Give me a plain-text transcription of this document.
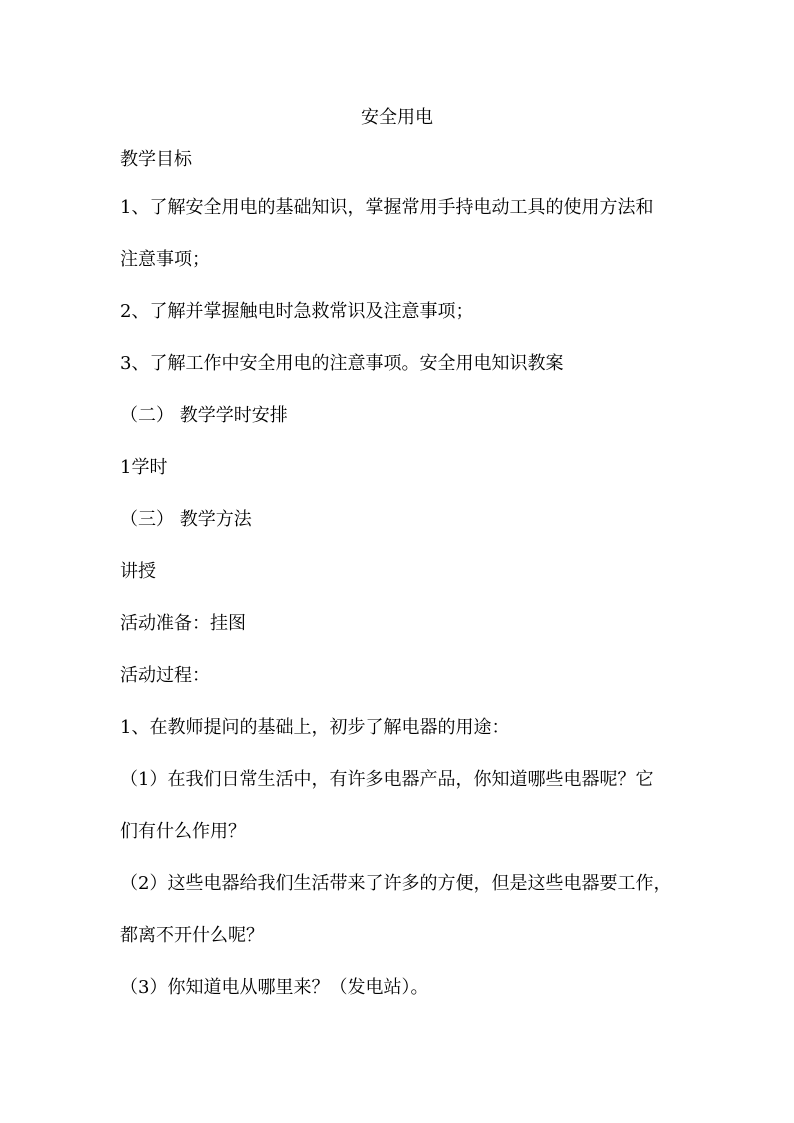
安全用电
教学目标
1、了解安全用电的基础知识，掌握常用手持电动工具的使用方法和
注意事项；
2、了解并掌握触电时急救常识及注意事项；
3、了解工作中安全用电的注意事项。安全用电知识教案
（二） 教学学时安排
1学时
（三） 教学方法
讲授
活动准备：挂图
活动过程：
1、在教师提问的基础上，初步了解电器的用途：
（1）在我们日常生活中，有许多电器产品，你知道哪些电器呢？它
们有什么作用？
（2）这些电器给我们生活带来了许多的方便，但是这些电器要工作，
都离不开什么呢？
（3）你知道电从哪里来？（发电站）。
